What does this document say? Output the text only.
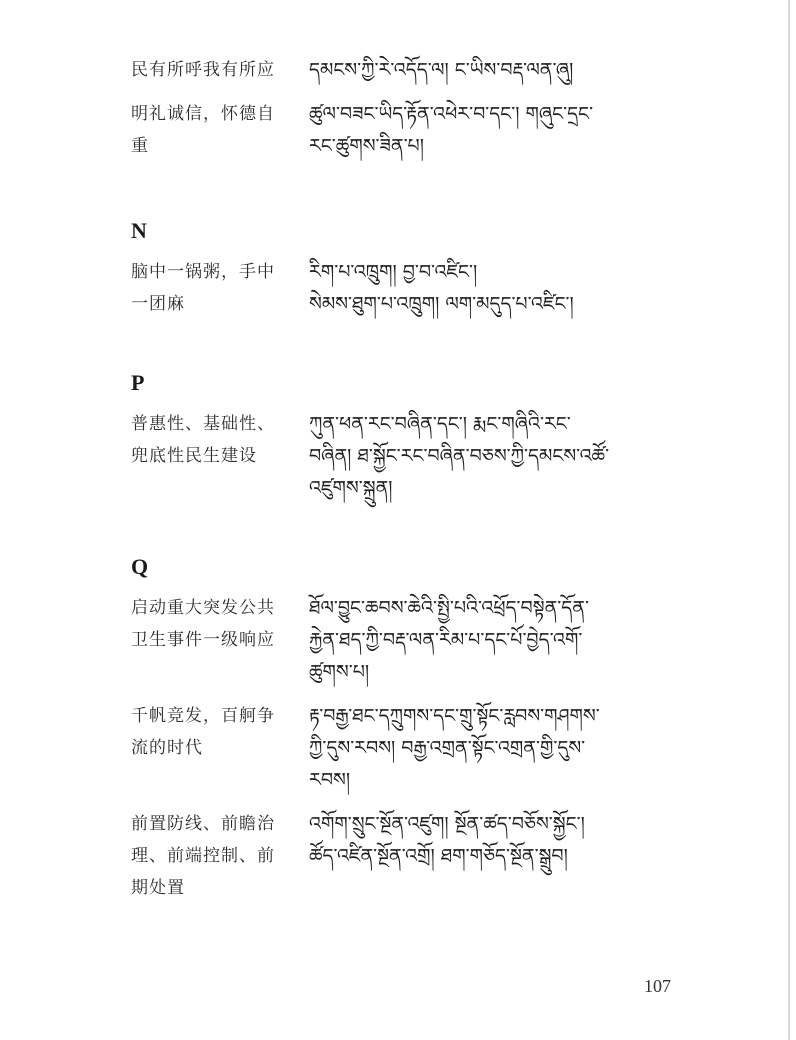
民有所呼我有所应	དམངས་ཀྱི་རེ་འདོད་ལ། ང་ཡིས་བརྡ་ལན་ཞུ།
明礼诚信，怀德自
重
ཚུལ་བཟང་ཡིད་རྟོན་འཕེར་བ་དང་། གཞུང་དྲང་
རང་ཚུགས་ཟིན་པ།
N
脑中一锅粥，手中
一团麻
རིག་པ་འཁྲུག། བྱ་བ་འཛིང་།
སེམས་ཐུག་པ་འཁྲུག། ལག་མདུད་པ་འཛིང་།
P
普惠性、基础性、
兜底性民生建设
ཀུན་ཕན་རང་བཞིན་དང་། རྨང་གཞིའི་རང་
བཞིན། ཐ་སྐྱོང་རང་བཞིན་བཅས་ཀྱི་དམངས་འཚོ་
འཛུགས་སྐྲུན།
Q
启动重大突发公共
卫生事件一级响应
ཐོལ་བྱུང་ཆབས་ཆེའི་སྤྱི་པའི་འཕྲོད་བསྟེན་དོན་
རྐྱེན་ཐད་ཀྱི་བརྡ་ལན་རིམ་པ་དང་པོ་བྱེད་འགོ་
ཚུགས་པ།
千帆竞发，百舸争
流的时代
རྟ་བརྒྱ་ཐང་དཀྲུགས་དང་གྲུ་སྟོང་རླབས་གཤགས་
ཀྱི་དུས་རབས། བརྒྱ་འགྲན་སྟོང་འགྲན་གྱི་དུས་
རབས།
前置防线、前瞻治
理、前端控制、前
期处置
འགོག་སྲུང་སྔོན་འཛུག། སྔོན་ཚད་བཅོས་སྐྱོང་།
ཚོད་འཛིན་སྔོན་འགྲོ། ཐག་གཅོད་སྔོན་སྒྲུབ།
107
